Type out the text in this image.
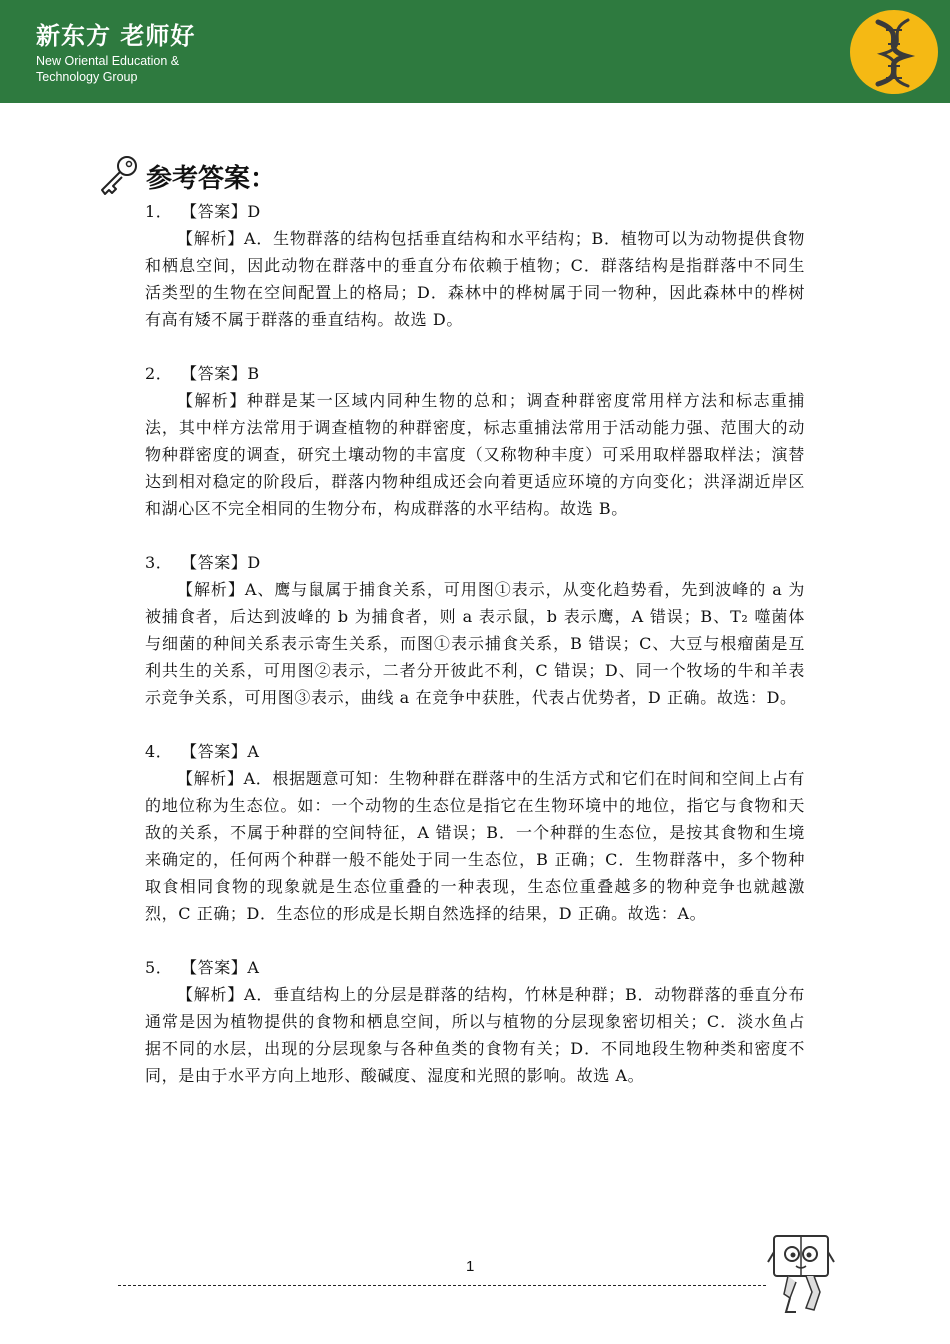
新东方 老师好
New Oriental Education &
Technology Group
参考答案：
1． 【答案】D
【解析】A．生物群落的结构包括垂直结构和水平结构；B．植物可以为动物提供食物和栖息空间，因此动物在群落中的垂直分布依赖于植物；C．群落结构是指群落中不同生活类型的生物在空间配置上的格局；D．森林中的桦树属于同一物种，因此森林中的桦树有高有矮不属于群落的垂直结构。故选 D。
2． 【答案】B
【解析】种群是某一区域内同种生物的总和；调查种群密度常用样方法和标志重捕法，其中样方法常用于调查植物的种群密度，标志重捕法常用于活动能力强、范围大的动物种群密度的调查，研究土壤动物的丰富度（又称物种丰度）可采用取样器取样法；演替达到相对稳定的阶段后，群落内物种组成还会向着更适应环境的方向变化；洪泽湖近岸区和湖心区不完全相同的生物分布，构成群落的水平结构。故选 B。
3． 【答案】D
【解析】A、鹰与鼠属于捕食关系，可用图①表示，从变化趋势看，先到波峰的 a 为被捕食者，后达到波峰的 b 为捕食者，则 a 表示鼠，b 表示鹰，A 错误；B、T₂ 噬菌体与细菌的种间关系表示寄生关系，而图①表示捕食关系，B 错误；C、大豆与根瘤菌是互利共生的关系，可用图②表示，二者分开彼此不利，C 错误；D、同一个牧场的牛和羊表示竞争关系，可用图③表示，曲线 a 在竞争中获胜，代表占优势者，D 正确。故选：D。
4． 【答案】A
【解析】A．根据题意可知：生物种群在群落中的生活方式和它们在时间和空间上占有的地位称为生态位。如：一个动物的生态位是指它在生物环境中的地位，指它与食物和天敌的关系，不属于种群的空间特征，A 错误；B．一个种群的生态位，是按其食物和生境来确定的，任何两个种群一般不能处于同一生态位，B 正确；C．生物群落中，多个物种取食相同食物的现象就是生态位重叠的一种表现，生态位重叠越多的物种竞争也就越激烈，C 正确；D．生态位的形成是长期自然选择的结果，D 正确。故选：A。
5． 【答案】A
【解析】A．垂直结构上的分层是群落的结构，竹林是种群；B．动物群落的垂直分布通常是因为植物提供的食物和栖息空间，所以与植物的分层现象密切相关；C．淡水鱼占据不同的水层，出现的分层现象与各种鱼类的食物有关；D．不同地段生物种类和密度不同，是由于水平方向上地形、酸碱度、湿度和光照的影响。故选 A。
1
